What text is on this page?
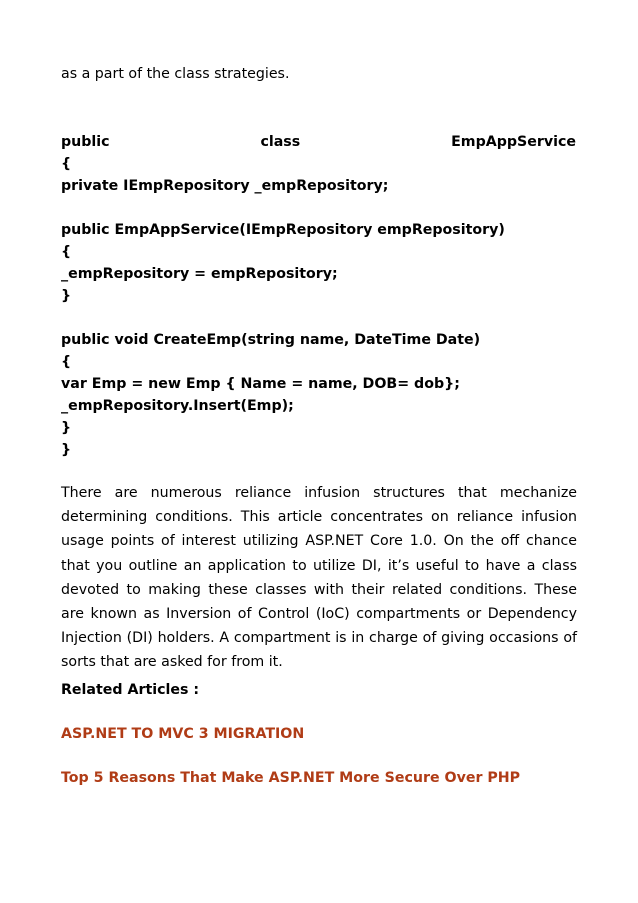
as a part of the class strategies.
public	class	EmpAppService
{
private IEmpRepository _empRepository;
public EmpAppService(IEmpRepository empRepository)
{
_empRepository = empRepository;
}
public void CreateEmp(string name, DateTime Date)
{
var Emp = new Emp { Name = name, DOB= dob};
_empRepository.Insert(Emp);
}
}
There are numerous reliance infusion structures that mechanize determining conditions. This article concentrates on reliance infusion usage points of interest utilizing ASP.NET Core 1.0. On the off chance that you outline an application to utilize DI, it’s useful to have a class devoted to making these classes with their related conditions. These are known as Inversion of Control (IoC) compartments or Dependency Injection (DI) holders. A compartment is in charge of giving occasions of sorts that are asked for from it.
Related Articles :
ASP.NET TO MVC 3 MIGRATION
Top 5 Reasons That Make ASP.NET More Secure Over PHP
